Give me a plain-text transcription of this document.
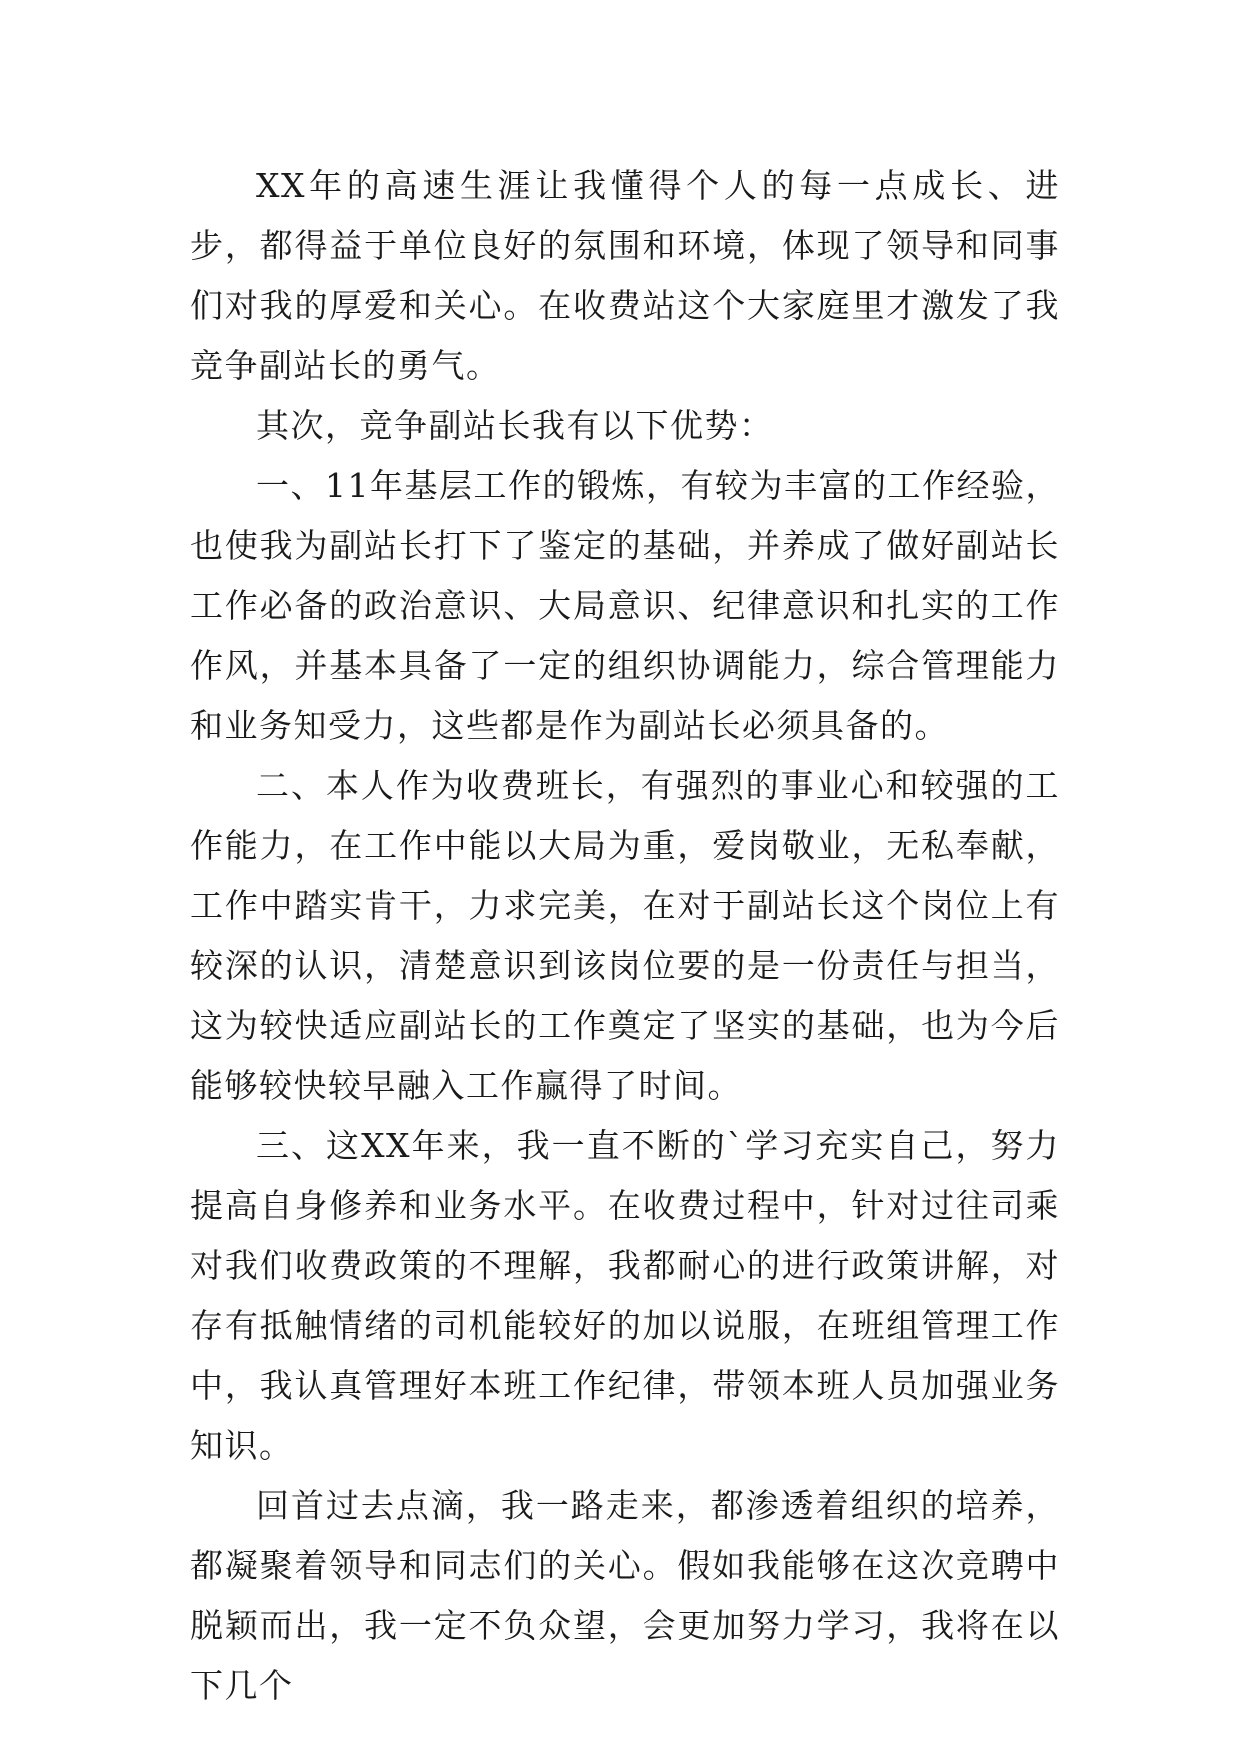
XX年的高速生涯让我懂得个人的每一点成长、进步，都得益于单位良好的氛围和环境，体现了领导和同事们对我的厚爱和关心。在收费站这个大家庭里才激发了我竞争副站长的勇气。

其次，竞争副站长我有以下优势：

一、11年基层工作的锻炼，有较为丰富的工作经验，也使我为副站长打下了鉴定的基础，并养成了做好副站长工作必备的政治意识、大局意识、纪律意识和扎实的工作作风，并基本具备了一定的组织协调能力，综合管理能力和业务知受力，这些都是作为副站长必须具备的。

二、本人作为收费班长，有强烈的事业心和较强的工作能力，在工作中能以大局为重，爱岗敬业，无私奉献，工作中踏实肯干，力求完美，在对于副站长这个岗位上有较深的认识，清楚意识到该岗位要的是一份责任与担当，这为较快适应副站长的工作奠定了坚实的基础，也为今后能够较快较早融入工作赢得了时间。

三、这XX年来，我一直不断的`学习充实自己，努力提高自身修养和业务水平。在收费过程中，针对过往司乘对我们收费政策的不理解，我都耐心的进行政策讲解，对存有抵触情绪的司机能较好的加以说服，在班组管理工作中，我认真管理好本班工作纪律，带领本班人员加强业务知识。

回首过去点滴，我一路走来，都渗透着组织的培养，都凝聚着领导和同志们的关心。假如我能够在这次竞聘中脱颖而出，我一定不负众望，会更加努力学习，我将在以下几个
